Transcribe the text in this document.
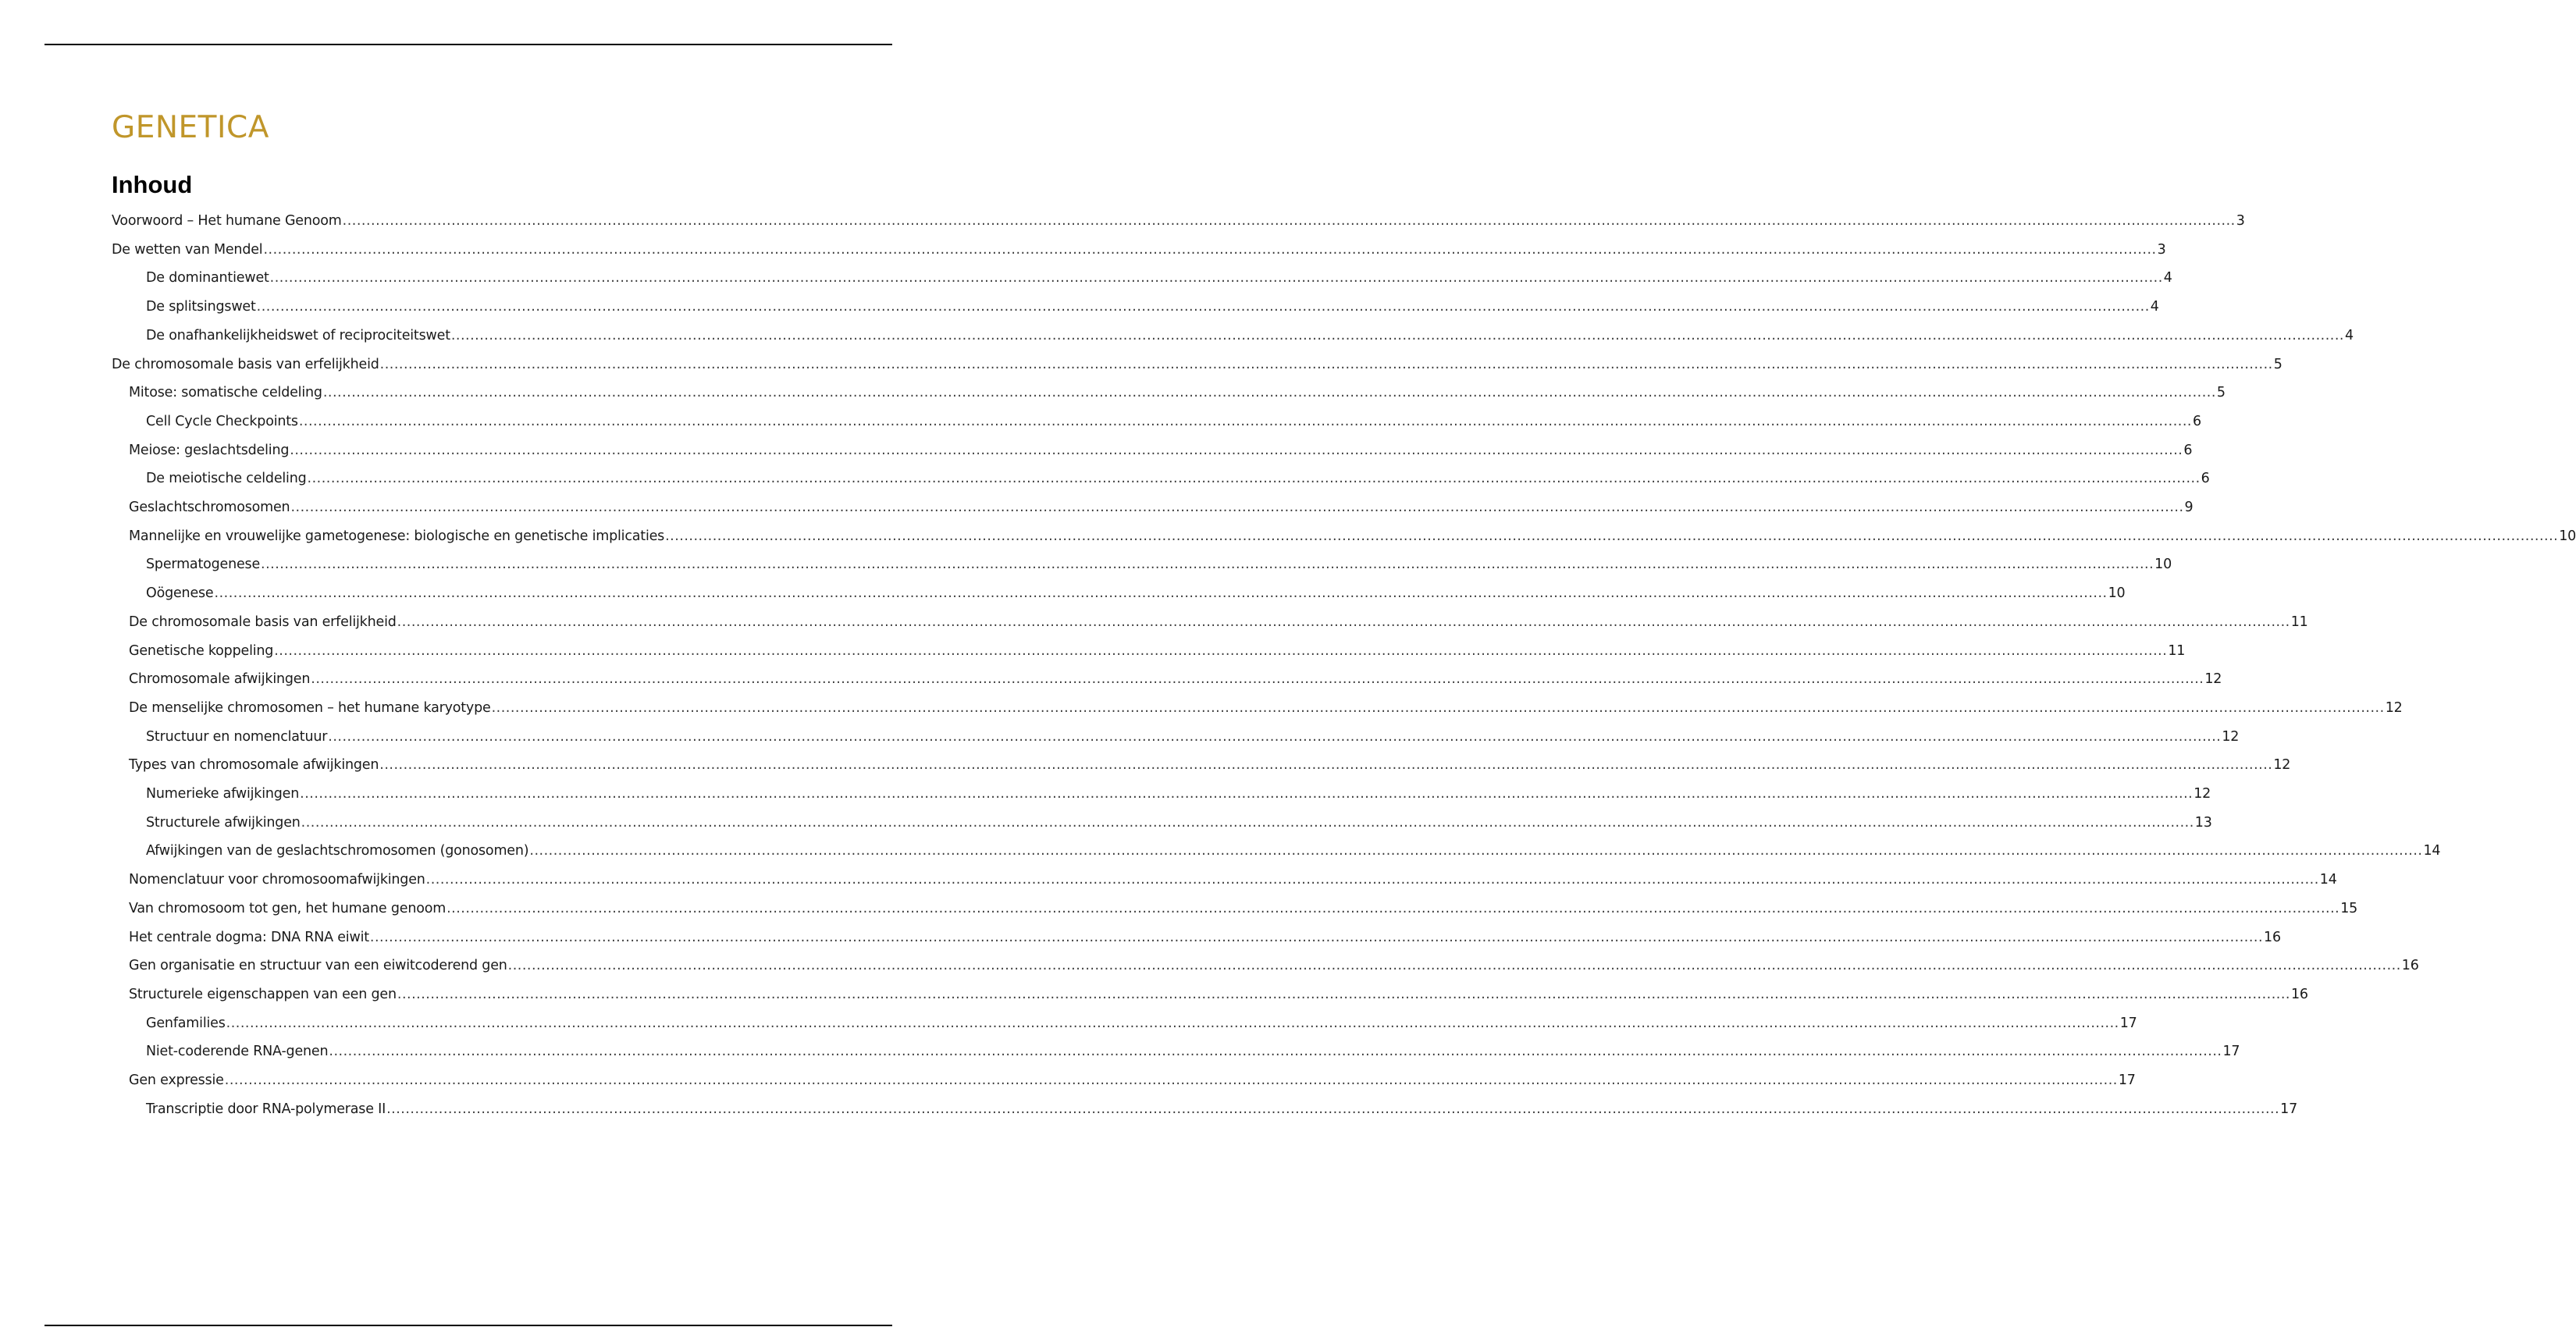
GENETICA
Inhoud
Voorwoord – Het humane Genoom ................................................................................................................................................................................................................................................................................................................................................................................................................ 3
De wetten van Mendel ................................................................................................................................................................................................................................................................................................................................................................................................................ 3
De dominantiewet ................................................................................................................................................................................................................................................................................................................................................................................................................ 4
De splitsingswet ................................................................................................................................................................................................................................................................................................................................................................................................................ 4
De onafhankelijkheidswet of reciprociteitswet ................................................................................................................................................................................................................................................................................................................................................................................................................ 4
De chromosomale basis van erfelijkheid ................................................................................................................................................................................................................................................................................................................................................................................................................ 5
Mitose: somatische celdeling ................................................................................................................................................................................................................................................................................................................................................................................................................ 5
Cell Cycle Checkpoints ................................................................................................................................................................................................................................................................................................................................................................................................................ 6
Meiose: geslachtsdeling ................................................................................................................................................................................................................................................................................................................................................................................................................ 6
De meiotische celdeling ................................................................................................................................................................................................................................................................................................................................................................................................................ 6
Geslachtschromosomen ................................................................................................................................................................................................................................................................................................................................................................................................................ 9
Mannelijke en vrouwelijke gametogenese: biologische en genetische implicaties ................................................................................................................................................................................................................................................................................................................................................................................................................ 10
Spermatogenese ................................................................................................................................................................................................................................................................................................................................................................................................................ 10
Oögenese ................................................................................................................................................................................................................................................................................................................................................................................................................ 10
De chromosomale basis van erfelijkheid ................................................................................................................................................................................................................................................................................................................................................................................................................ 11
Genetische koppeling ................................................................................................................................................................................................................................................................................................................................................................................................................ 11
Chromosomale afwijkingen ................................................................................................................................................................................................................................................................................................................................................................................................................ 12
De menselijke chromosomen – het humane karyotype ................................................................................................................................................................................................................................................................................................................................................................................................................ 12
Structuur en nomenclatuur ................................................................................................................................................................................................................................................................................................................................................................................................................ 12
Types van chromosomale afwijkingen ................................................................................................................................................................................................................................................................................................................................................................................................................ 12
Numerieke afwijkingen ................................................................................................................................................................................................................................................................................................................................................................................................................ 12
Structurele afwijkingen ................................................................................................................................................................................................................................................................................................................................................................................................................ 13
Afwijkingen van de geslachtschromosomen (gonosomen) ................................................................................................................................................................................................................................................................................................................................................................................................................ 14
Nomenclatuur voor chromosoomafwijkingen ................................................................................................................................................................................................................................................................................................................................................................................................................ 14
Van chromosoom tot gen, het humane genoom ................................................................................................................................................................................................................................................................................................................................................................................................................ 15
Het centrale dogma: DNA RNA eiwit ................................................................................................................................................................................................................................................................................................................................................................................................................ 16
Gen organisatie en structuur van een eiwitcoderend gen ................................................................................................................................................................................................................................................................................................................................................................................................................ 16
Structurele eigenschappen van een gen ................................................................................................................................................................................................................................................................................................................................................................................................................ 16
Genfamilies ................................................................................................................................................................................................................................................................................................................................................................................................................ 17
Niet-coderende RNA-genen ................................................................................................................................................................................................................................................................................................................................................................................................................ 17
Gen expressie ................................................................................................................................................................................................................................................................................................................................................................................................................ 17
Transcriptie door RNA-polymerase II ................................................................................................................................................................................................................................................................................................................................................................................................................ 17
